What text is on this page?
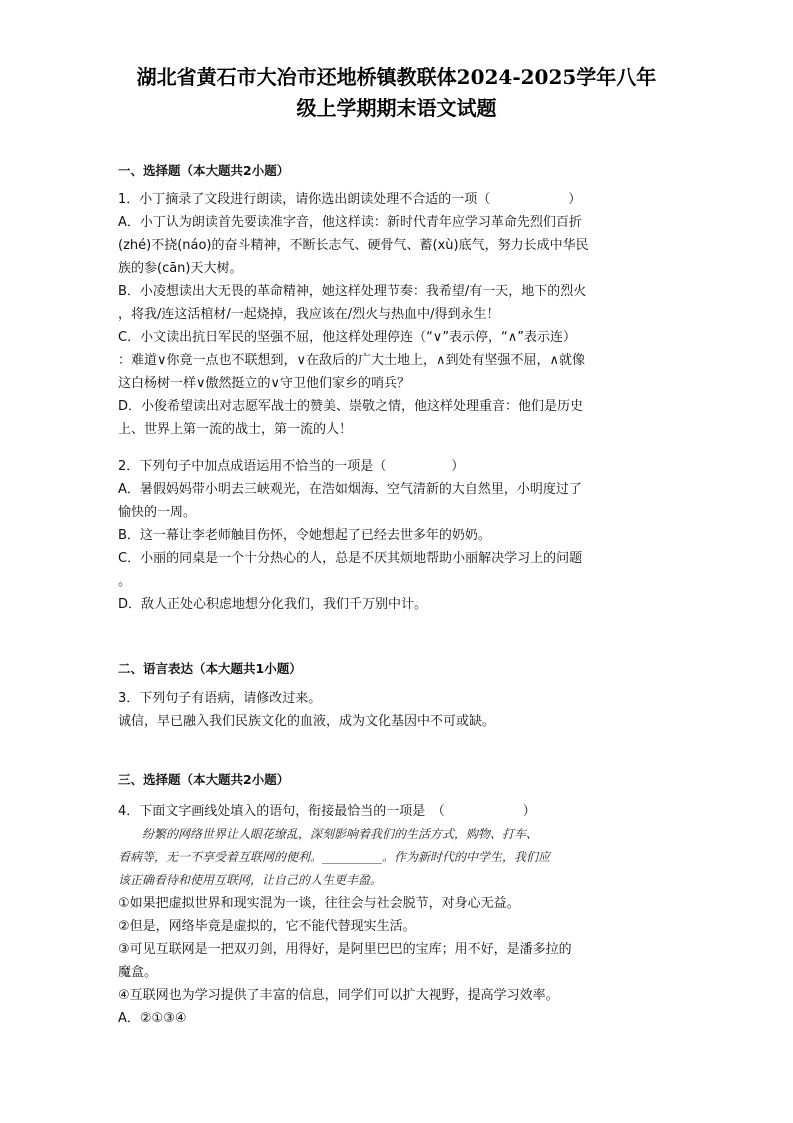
湖北省黄石市大冶市还地桥镇教联体2024-2025学年八年
级上学期期末语文试题
一、选择题（本大题共2小题）
1．小丁摘录了文段进行朗读，请你选出朗读处理不合适的一项（　　　　　　）
A．小丁认为朗读首先要读准字音，他这样读：新时代青年应学习革命先烈们百折
(zhé)不挠(náo)的奋斗精神，不断长志气、硬骨气、蓄(xù)底气，努力长成中华民
族的参(cān)天大树。
B．小凌想读出大无畏的革命精神，她这样处理节奏：我希望/有一天，地下的烈火
，将我/连这活棺材/一起烧掉，我应该在/烈火与热血中/得到永生！
C．小文读出抗日军民的坚强不屈，他这样处理停连（“∨”表示停，“∧”表示连）
：难道∨你竟一点也不联想到，∨在敌后的广大土地上，∧到处有坚强不屈，∧就像
这白杨树一样∨傲然挺立的∨守卫他们家乡的哨兵？
D．小俊希望读出对志愿军战士的赞美、崇敬之情，他这样处理重音：他们是历史
上、世界上第一流的战士，第一流的人！
2．下列句子中加点成语运用不恰当的一项是（　　　　　）
A．暑假妈妈带小明去三峡观光，在浩如烟海、空气清新的大自然里，小明度过了
愉快的一周。
B．这一幕让李老师触目伤怀，令她想起了已经去世多年的奶奶。
C．小丽的同桌是一个十分热心的人，总是不厌其烦地帮助小丽解决学习上的问题
。
D．敌人正处心积虑地想分化我们，我们千万别中计。
二、语言表达（本大题共1小题）
3．下列句子有语病，请修改过来。
诚信，早已融入我们民族文化的血液，成为文化基因中不可或缺。
三、选择题（本大题共2小题）
4．下面文字画线处填入的语句，衔接最恰当的一项是　（　　　　　　）
　　纷繁的网络世界让人眼花缭乱，深刻影响着我们的生活方式，购物、打车、
看病等，无一不享受着互联网的便利。__________。作为新时代的中学生，我们应
该正确看待和使用互联网，让自己的人生更丰盈。
①如果把虚拟世界和现实混为一谈，往往会与社会脱节，对身心无益。
②但是，网络毕竟是虚拟的，它不能代替现实生活。
③可见互联网是一把双刃剑，用得好，是阿里巴巴的宝库；用不好，是潘多拉的
魔盒。
④互联网也为学习提供了丰富的信息，同学们可以扩大视野，提高学习效率。
A．②①③④
